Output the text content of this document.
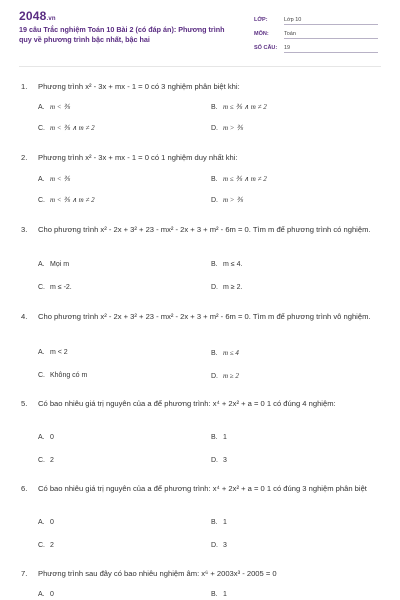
2048.vn
19 câu Trắc nghiệm Toán 10 Bài 2 (có đáp án): Phương trình quy về phương trình bậc nhất, bậc hai
LỚP:	Lớp 10
MÔN:	Toán
SỐ CÂU: 19
1.	Phương trình x² - 3x + mx - 1 = 0 có 3 nghiệm phân biệt khi:
A. m < ⅗	B. m ≤ ⅗ ∧ m ≠ 2
C. m < ⅗ ∧ m ≠ 2	D. m > ⅗
2.	Phương trình x² - 3x + mx - 1 = 0 có 1 nghiệm duy nhất khi:
A. m < ⅗	B. m ≤ ⅗ ∧ m ≠ 2
C. m < ⅗ ∧ m ≠ 2	D. m > ⅗
3.	Cho phương trình x² - 2x + 3² + 23 - mx² - 2x + 3 + m² - 6m = 0. Tìm m để phương trình có nghiệm.
A. Mọi m	B. m ≤ 4.
C. m ≤ -2.	D. m ≥ 2.
4.	Cho phương trình x² - 2x + 3² + 23 - mx² - 2x + 3 + m² - 6m = 0. Tìm m để phương trình vô nghiệm.
A. m < 2	B. m ≤ 4
C. Không có m	D. m ≥ 2
5.	Có bao nhiêu giá trị nguyên của a để phương trình: x⁴ + 2x² + a = 0 1 có đúng 4 nghiệm:
A. 0	B. 1
C. 2	D. 3
6.	Có bao nhiêu giá trị nguyên của a để phương trình: x⁴ + 2x² + a = 0 1 có đúng 3 nghiệm phân biệt
A. 0	B. 1
C. 2	D. 3
7.	Phương trình sau đây có bao nhiêu nghiệm âm: x⁶ + 2003x³ - 2005 = 0
A. 0	B. 1
